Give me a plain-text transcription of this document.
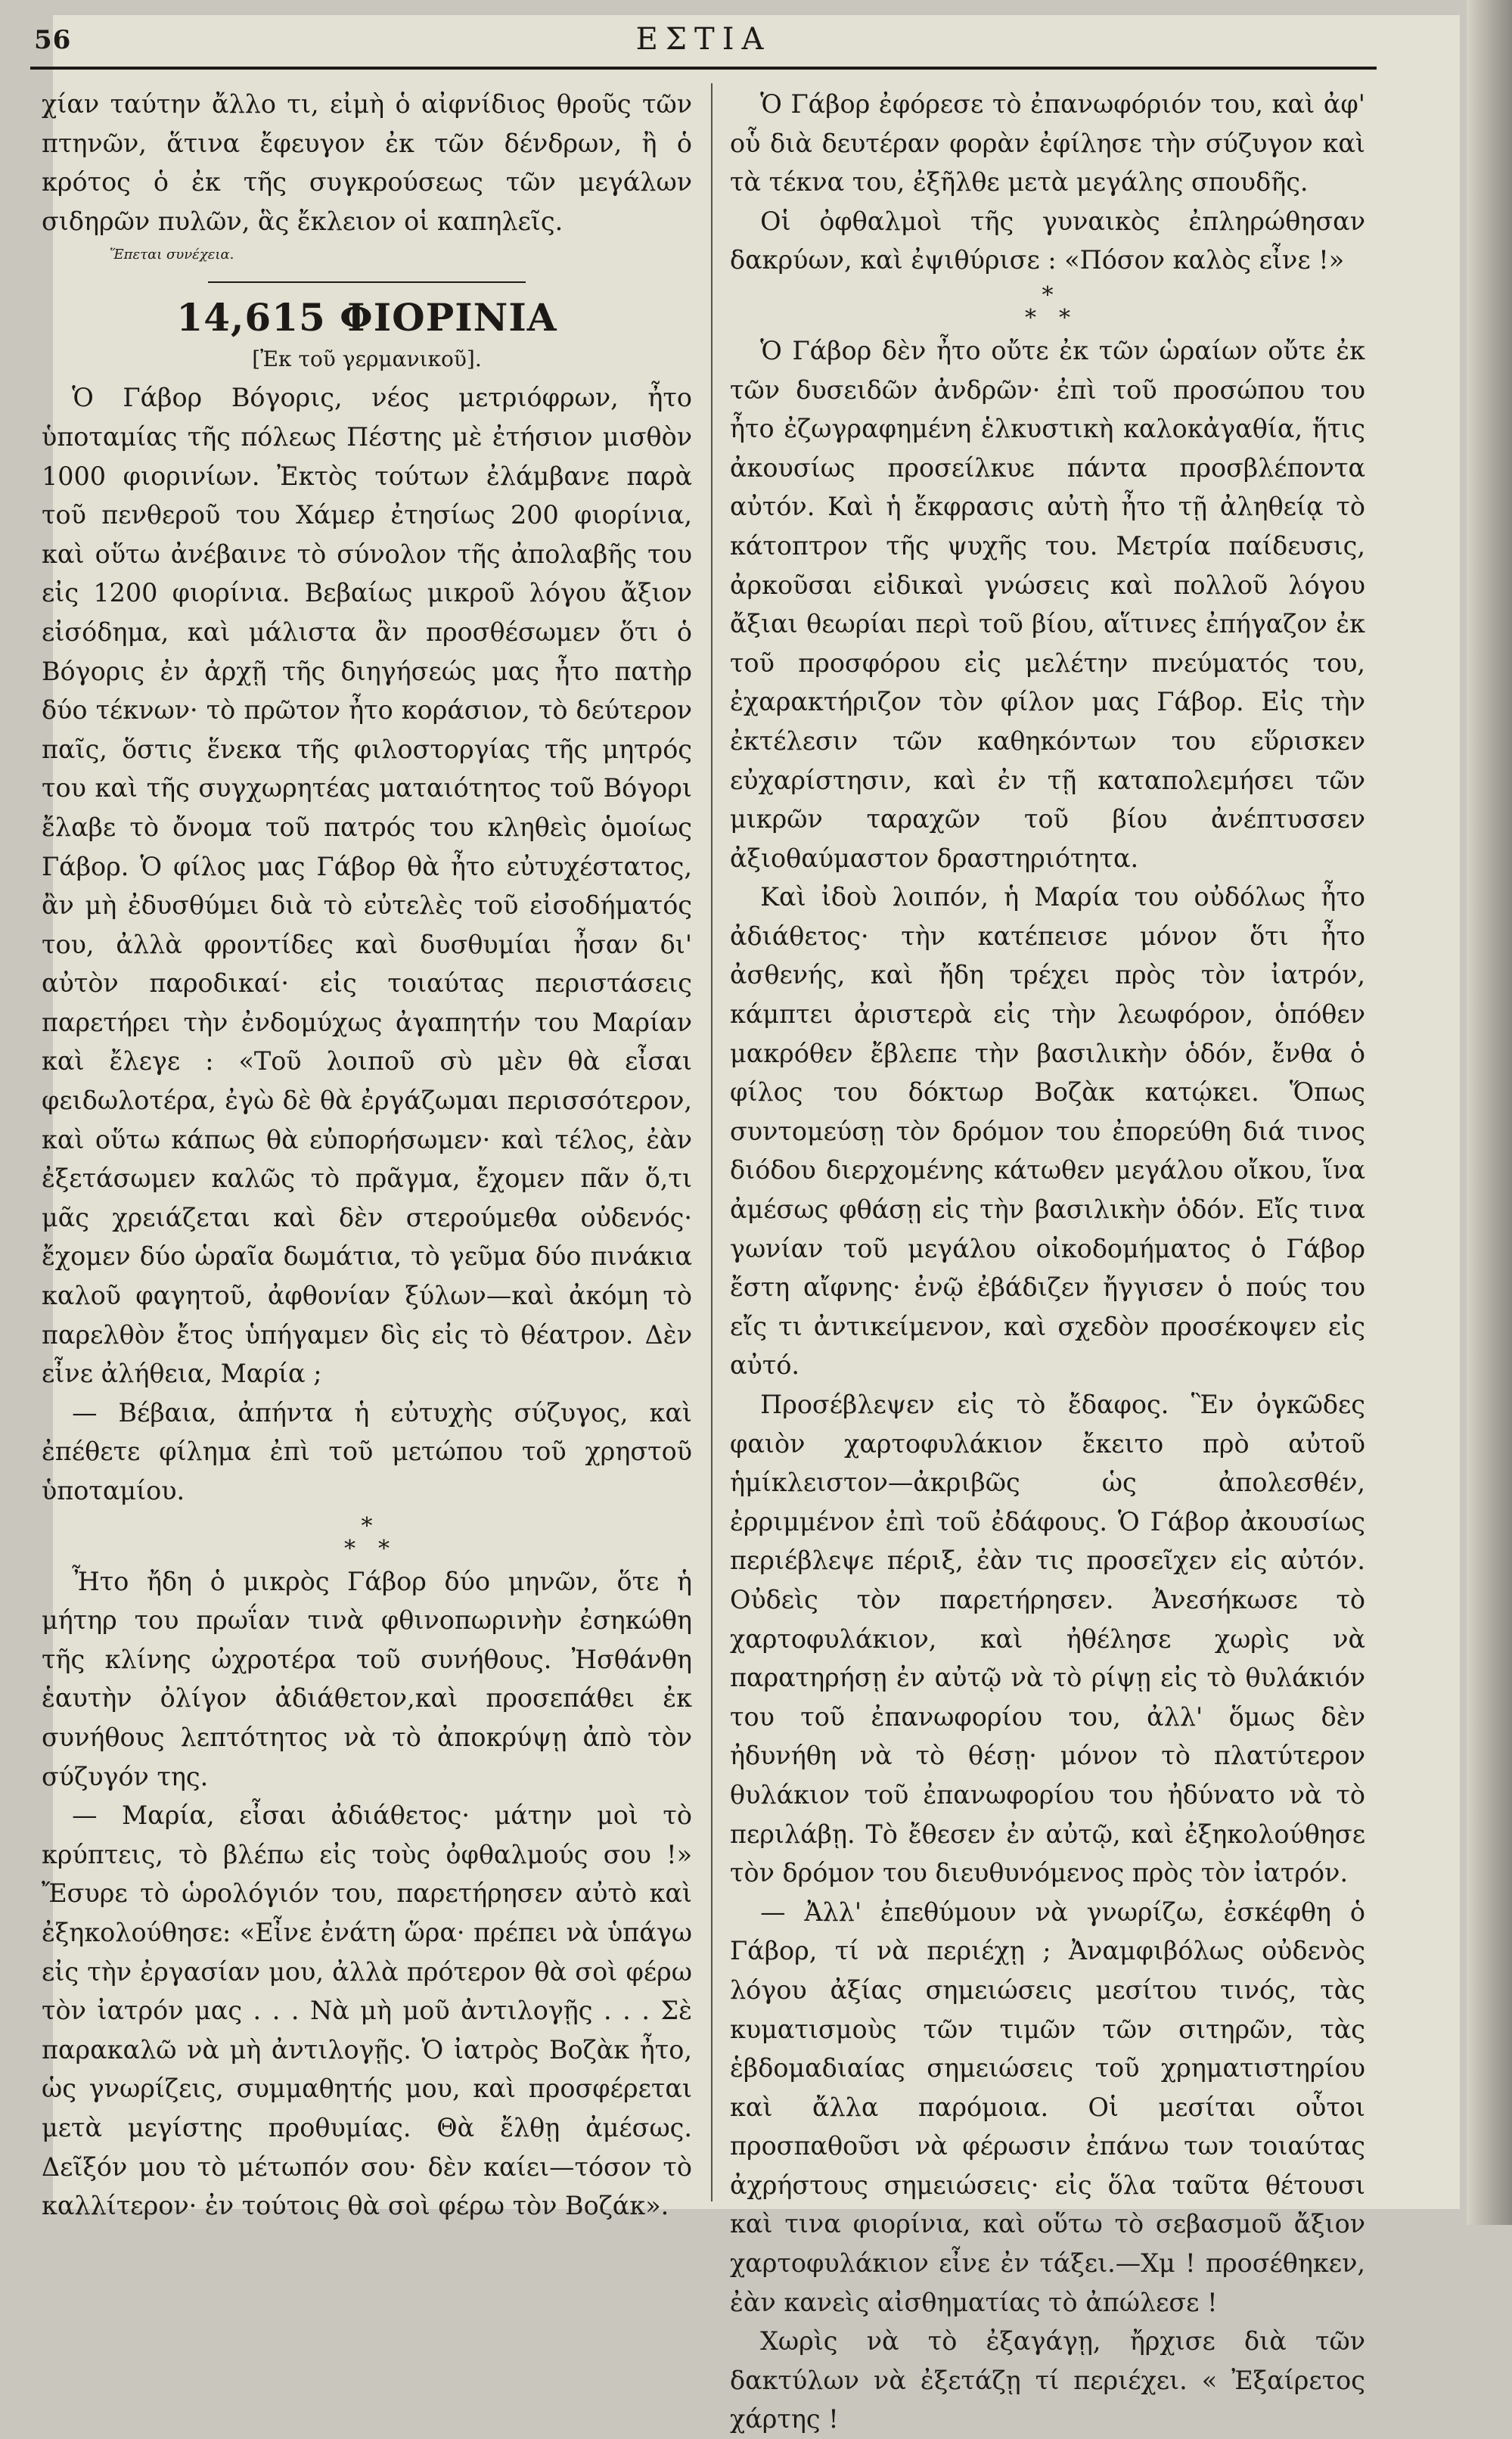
56	ΕΣΤΙΑ

χίαν ταύτην ἄλλο τι, εἰμὴ ὁ αἰφνίδιος θροῦς τῶν πτηνῶν, ἅτινα ἔφευγον ἐκ τῶν δένδρων, ἢ ὁ κρότος ὁ ἐκ τῆς συγκρούσεως τῶν μεγάλων σιδηρῶν πυλῶν, ἃς ἔκλειον οἱ καπηλεῖς.

Ἕπεται συνέχεια.

14,615 ΦΙΟΡΙΝΙΑ

[Ἐκ τοῦ γερμανικοῦ].

Ὁ Γάβορ Βόγορις, νέος μετριόφρων, ἦτο ὑποταμίας τῆς πόλεως Πέστης μὲ ἐτήσιον μισθὸν 1000 φιορινίων. Ἐκτὸς τούτων ἐλάμβανε παρὰ τοῦ πενθεροῦ του Χάμερ ἐτησίως 200 φιορίνια, καὶ οὕτω ἀνέβαινε τὸ σύνολον τῆς ἀπολαβῆς του εἰς 1200 φιορίνια. Βεβαίως μικροῦ λόγου ἄξιον εἰσόδημα, καὶ μάλιστα ἂν προσθέσωμεν ὅτι ὁ Βόγορις ἐν ἀρχῇ τῆς διηγήσεώς μας ἦτο πατὴρ δύο τέκνων· τὸ πρῶτον ἦτο κοράσιον, τὸ δεύτερον παῖς, ὅστις ἕνεκα τῆς φιλοστοργίας τῆς μητρός του καὶ τῆς συγχωρητέας ματαιότητος τοῦ Βόγορι ἔλαβε τὸ ὄνομα τοῦ πατρός του κληθεὶς ὁμοίως Γάβορ. Ὁ φίλος μας Γάβορ θὰ ἦτο εὐτυχέστατος, ἂν μὴ ἐδυσθύμει διὰ τὸ εὐτελὲς τοῦ εἰσοδήματός του, ἀλλὰ φροντίδες καὶ δυσθυμίαι ἦσαν δι' αὐτὸν παροδικαί· εἰς τοιαύτας περιστάσεις παρετήρει τὴν ἐνδομύχως ἀγαπητήν του Μαρίαν καὶ ἔλεγε : «Τοῦ λοιποῦ σὺ μὲν θὰ εἶσαι φειδωλοτέρα, ἐγὼ δὲ θὰ ἐργάζωμαι περισσότερον, καὶ οὕτω κάπως θὰ εὐπορήσωμεν· καὶ τέλος, ἐὰν ἐξετάσωμεν καλῶς τὸ πρᾶγμα, ἔχομεν πᾶν ὅ,τι μᾶς χρειάζεται καὶ δὲν στερούμεθα οὐδενός· ἔχομεν δύο ὡραῖα δωμάτια, τὸ γεῦμα δύο πινάκια καλοῦ φαγητοῦ, ἀφθονίαν ξύλων—καὶ ἀκόμη τὸ παρελθὸν ἔτος ὑπήγαμεν δὶς εἰς τὸ θέατρον. Δὲν εἶνε ἀλήθεια, Μαρία ;

— Βέβαια, ἀπήντα ἡ εὐτυχὴς σύζυγος, καὶ ἐπέθετε φίλημα ἐπὶ τοῦ μετώπου τοῦ χρηστοῦ ὑποταμίου.

*
*  *

Ἦτο ἤδη ὁ μικρὸς Γάβορ δύο μηνῶν, ὅτε ἡ μήτηρ του πρωΐαν τινὰ φθινοπωρινὴν ἐσηκώθη τῆς κλίνης ὠχροτέρα τοῦ συνήθους. Ἠσθάνθη ἑαυτὴν ὀλίγον ἀδιάθετον,καὶ προσεπάθει ἐκ συνήθους λεπτότητος νὰ τὸ ἀποκρύψῃ ἀπὸ τὸν σύζυγόν της.

— Μαρία, εἶσαι ἀδιάθετος· μάτην μοὶ τὸ κρύπτεις, τὸ βλέπω εἰς τοὺς ὀφθαλμούς σου !» Ἔσυρε τὸ ὡρολόγιόν του, παρετήρησεν αὐτὸ καὶ ἐξηκολούθησε: «Εἶνε ἐνάτη ὥρα· πρέπει νὰ ὑπάγω εἰς τὴν ἐργασίαν μου, ἀλλὰ πρότερον θὰ σοὶ φέρω τὸν ἰατρόν μας . . . Νὰ μὴ μοῦ ἀντιλογῇς . . . Σὲ παρακαλῶ νὰ μὴ ἀντιλογῇς. Ὁ ἰατρὸς Βοζὰκ ἦτο, ὡς γνωρίζεις, συμμαθητής μου, καὶ προσφέρεται μετὰ μεγίστης προθυμίας. Θὰ ἔλθῃ ἀμέσως. Δεῖξόν μου τὸ μέτωπόν σου· δὲν καίει—τόσον τὸ καλλίτερον· ἐν τούτοις θὰ σοὶ φέρω τὸν Βοζάκ».

Ὁ Γάβορ ἐφόρεσε τὸ ἐπανωφόριόν του, καὶ ἀφ' οὗ διὰ δευτέραν φορὰν ἐφίλησε τὴν σύζυγον καὶ τὰ τέκνα του, ἐξῆλθε μετὰ μεγάλης σπουδῆς.

Οἱ ὀφθαλμοὶ τῆς γυναικὸς ἐπληρώθησαν δακρύων, καὶ ἐψιθύρισε : «Πόσον καλὸς εἶνε !»

*
*  *

Ὁ Γάβορ δὲν ἦτο οὔτε ἐκ τῶν ὡραίων οὔτε ἐκ τῶν δυσειδῶν ἀνδρῶν· ἐπὶ τοῦ προσώπου του ἦτο ἐζωγραφημένη ἑλκυστικὴ καλοκἀγαθία, ἥτις ἀκουσίως προσείλκυε πάντα προσβλέποντα αὐτόν. Καὶ ἡ ἔκφρασις αὐτὴ ἦτο τῇ ἀληθείᾳ τὸ κάτοπτρον τῆς ψυχῆς του. Μετρία παίδευσις, ἀρκοῦσαι εἰδικαὶ γνώσεις καὶ πολλοῦ λόγου ἄξιαι θεωρίαι περὶ τοῦ βίου, αἵτινες ἐπήγαζον ἐκ τοῦ προσφόρου εἰς μελέτην πνεύματός του, ἐχαρακτήριζον τὸν φίλον μας Γάβορ. Εἰς τὴν ἐκτέλεσιν τῶν καθηκόντων του εὕρισκεν εὐχαρίστησιν, καὶ ἐν τῇ καταπολεμήσει τῶν μικρῶν ταραχῶν τοῦ βίου ἀνέπτυσσεν ἀξιοθαύμαστον δραστηριότητα.

Καὶ ἰδοὺ λοιπόν, ἡ Μαρία του οὐδόλως ἦτο ἀδιάθετος· τὴν κατέπεισε μόνον ὅτι ἦτο ἀσθενής, καὶ ἤδη τρέχει πρὸς τὸν ἰατρόν, κάμπτει ἀριστερὰ εἰς τὴν λεωφόρον, ὁπόθεν μακρόθεν ἔβλεπε τὴν βασιλικὴν ὁδόν, ἔνθα ὁ φίλος του δόκτωρ Βοζὰκ κατῴκει. Ὅπως συντομεύσῃ τὸν δρόμον του ἐπορεύθη διά τινος διόδου διερχομένης κάτωθεν μεγάλου οἴκου, ἵνα ἀμέσως φθάσῃ εἰς τὴν βασιλικὴν ὁδόν. Εἴς τινα γωνίαν τοῦ μεγάλου οἰκοδομήματος ὁ Γάβορ ἔστη αἴφνης· ἐνῷ ἐβάδιζεν ἤγγισεν ὁ πούς του εἴς τι ἀντικείμενον, καὶ σχεδὸν προσέκοψεν εἰς αὐτό.

Προσέβλεψεν εἰς τὸ ἔδαφος. Ἓν ὀγκῶδες φαιὸν χαρτοφυλάκιον ἔκειτο πρὸ αὐτοῦ ἡμίκλειστον—ἀκριβῶς ὡς ἀπολεσθέν, ἐρριμμένον ἐπὶ τοῦ ἐδάφους. Ὁ Γάβορ ἀκουσίως περιέβλεψε πέριξ, ἐὰν τις προσεῖχεν εἰς αὐτόν. Οὐδεὶς τὸν παρετήρησεν. Ἀνεσήκωσε τὸ χαρτοφυλάκιον, καὶ ἠθέλησε χωρὶς νὰ παρατηρήσῃ ἐν αὐτῷ νὰ τὸ ρίψῃ εἰς τὸ θυλάκιόν του τοῦ ἐπανωφορίου του, ἀλλ' ὅμως δὲν ἠδυνήθη νὰ τὸ θέσῃ· μόνον τὸ πλατύτερον θυλάκιον τοῦ ἐπανωφορίου του ἠδύνατο νὰ τὸ περιλάβῃ. Τὸ ἔθεσεν ἐν αὐτῷ, καὶ ἐξηκολούθησε τὸν δρόμον του διευθυνόμενος πρὸς τὸν ἰατρόν.

— Ἀλλ' ἐπεθύμουν νὰ γνωρίζω, ἐσκέφθη ὁ Γάβορ, τί νὰ περιέχῃ ; Ἀναμφιβόλως οὐδενὸς λόγου ἀξίας σημειώσεις μεσίτου τινός, τὰς κυματισμοὺς τῶν τιμῶν τῶν σιτηρῶν, τὰς ἑβδομαδιαίας σημειώσεις τοῦ χρηματιστηρίου καὶ ἄλλα παρόμοια. Οἱ μεσίται οὗτοι προσπαθοῦσι νὰ φέρωσιν ἐπάνω των τοιαύτας ἀχρήστους σημειώσεις· εἰς ὅλα ταῦτα θέτουσι καὶ τινα φιορίνια, καὶ οὕτω τὸ σεβασμοῦ ἄξιον χαρτοφυλάκιον εἶνε ἐν τάξει.—Χμ ! προσέθηκεν, ἐὰν κανεὶς αἰσθηματίας τὸ ἀπώλεσε !

Χωρὶς νὰ τὸ ἐξαγάγῃ, ἤρχισε διὰ τῶν δακτύλων νὰ ἐξετάζῃ τί περιέχει. « Ἐξαίρετος χάρτης !
